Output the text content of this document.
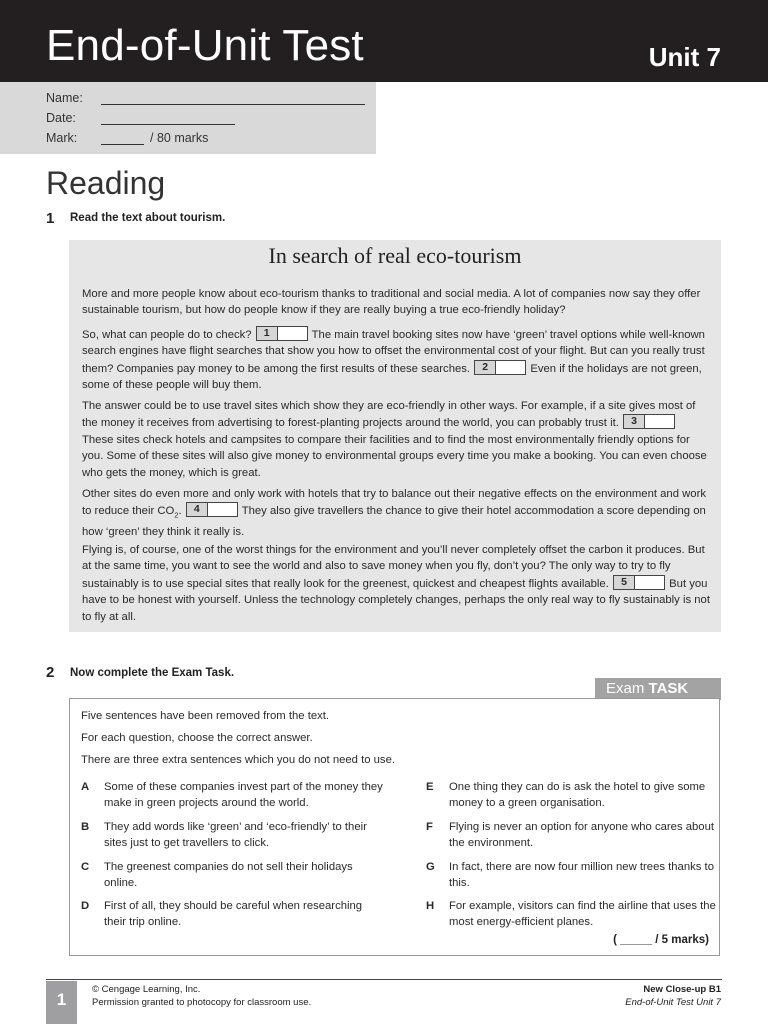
End-of-Unit Test	Unit 7
Name:
Date:
Mark:	/ 80 marks
Reading
1 Read the text about tourism.
In search of real eco-tourism

More and more people know about eco-tourism thanks to traditional and social media. A lot of companies now say they offer sustainable tourism, but how do people know if they are really buying a true eco-friendly holiday?

So, what can people do to check?	1	The main travel booking sites now have ‘green’ travel options while well-known search engines have flight searches that show you how to offset the environmental cost of your flight. But can you really trust them? Companies pay money to be among the first results of these searches.	2	Even if the holidays are not green, some of these people will buy them.

The answer could be to use travel sites which show they are eco-friendly in other ways. For example, if a site gives most of the money it receives from advertising to forest-planting projects around the world, you can probably trust it.	3
These sites check hotels and campsites to compare their facilities and to find the most environmentally friendly options for you. Some of these sites will also give money to environmental groups every time you make a booking. You can even choose who gets the money, which is great.

Other sites do even more and only work with hotels that try to balance out their negative effects on the environment and work to reduce their $CO_2$.	4	They also give travellers the chance to give their hotel accommodation a score depending on how ‘green’ they think it really is.

Flying is, of course, one of the worst things for the environment and you’ll never completely offset the carbon it produces. But at the same time, you want to see the world and also to save money when you fly, don’t you? The only way to try to fly sustainably is to use special sites that really look for the greenest, quickest and cheapest flights available.	5	But you have to be honest with yourself. Unless the technology completely changes, perhaps the only real way to fly sustainably is not to fly at all.

2 Now complete the Exam Task.
Exam TASK
Five sentences have been removed from the text.
For each question, choose the correct answer.
There are three extra sentences which you do not need to use.
A Some of these companies invest part of the money they make in green projects around the world.
B They add words like ‘green’ and ‘eco-friendly’ to their sites just to get travellers to click.
C The greenest companies do not sell their holidays online.
D First of all, they should be careful when researching their trip online.
E One thing they can do is ask the hotel to give some money to a green organisation.
F Flying is never an option for anyone who cares about the environment.
G In fact, there are now four million new trees thanks to this.
H For example, visitors can find the airline that uses the most energy-efficient planes.
( _____ / 5 marks)
1
© Cengage Learning, Inc.
Permission granted to photocopy for classroom use.
New Close-up B1
End-of-Unit Test Unit 7
